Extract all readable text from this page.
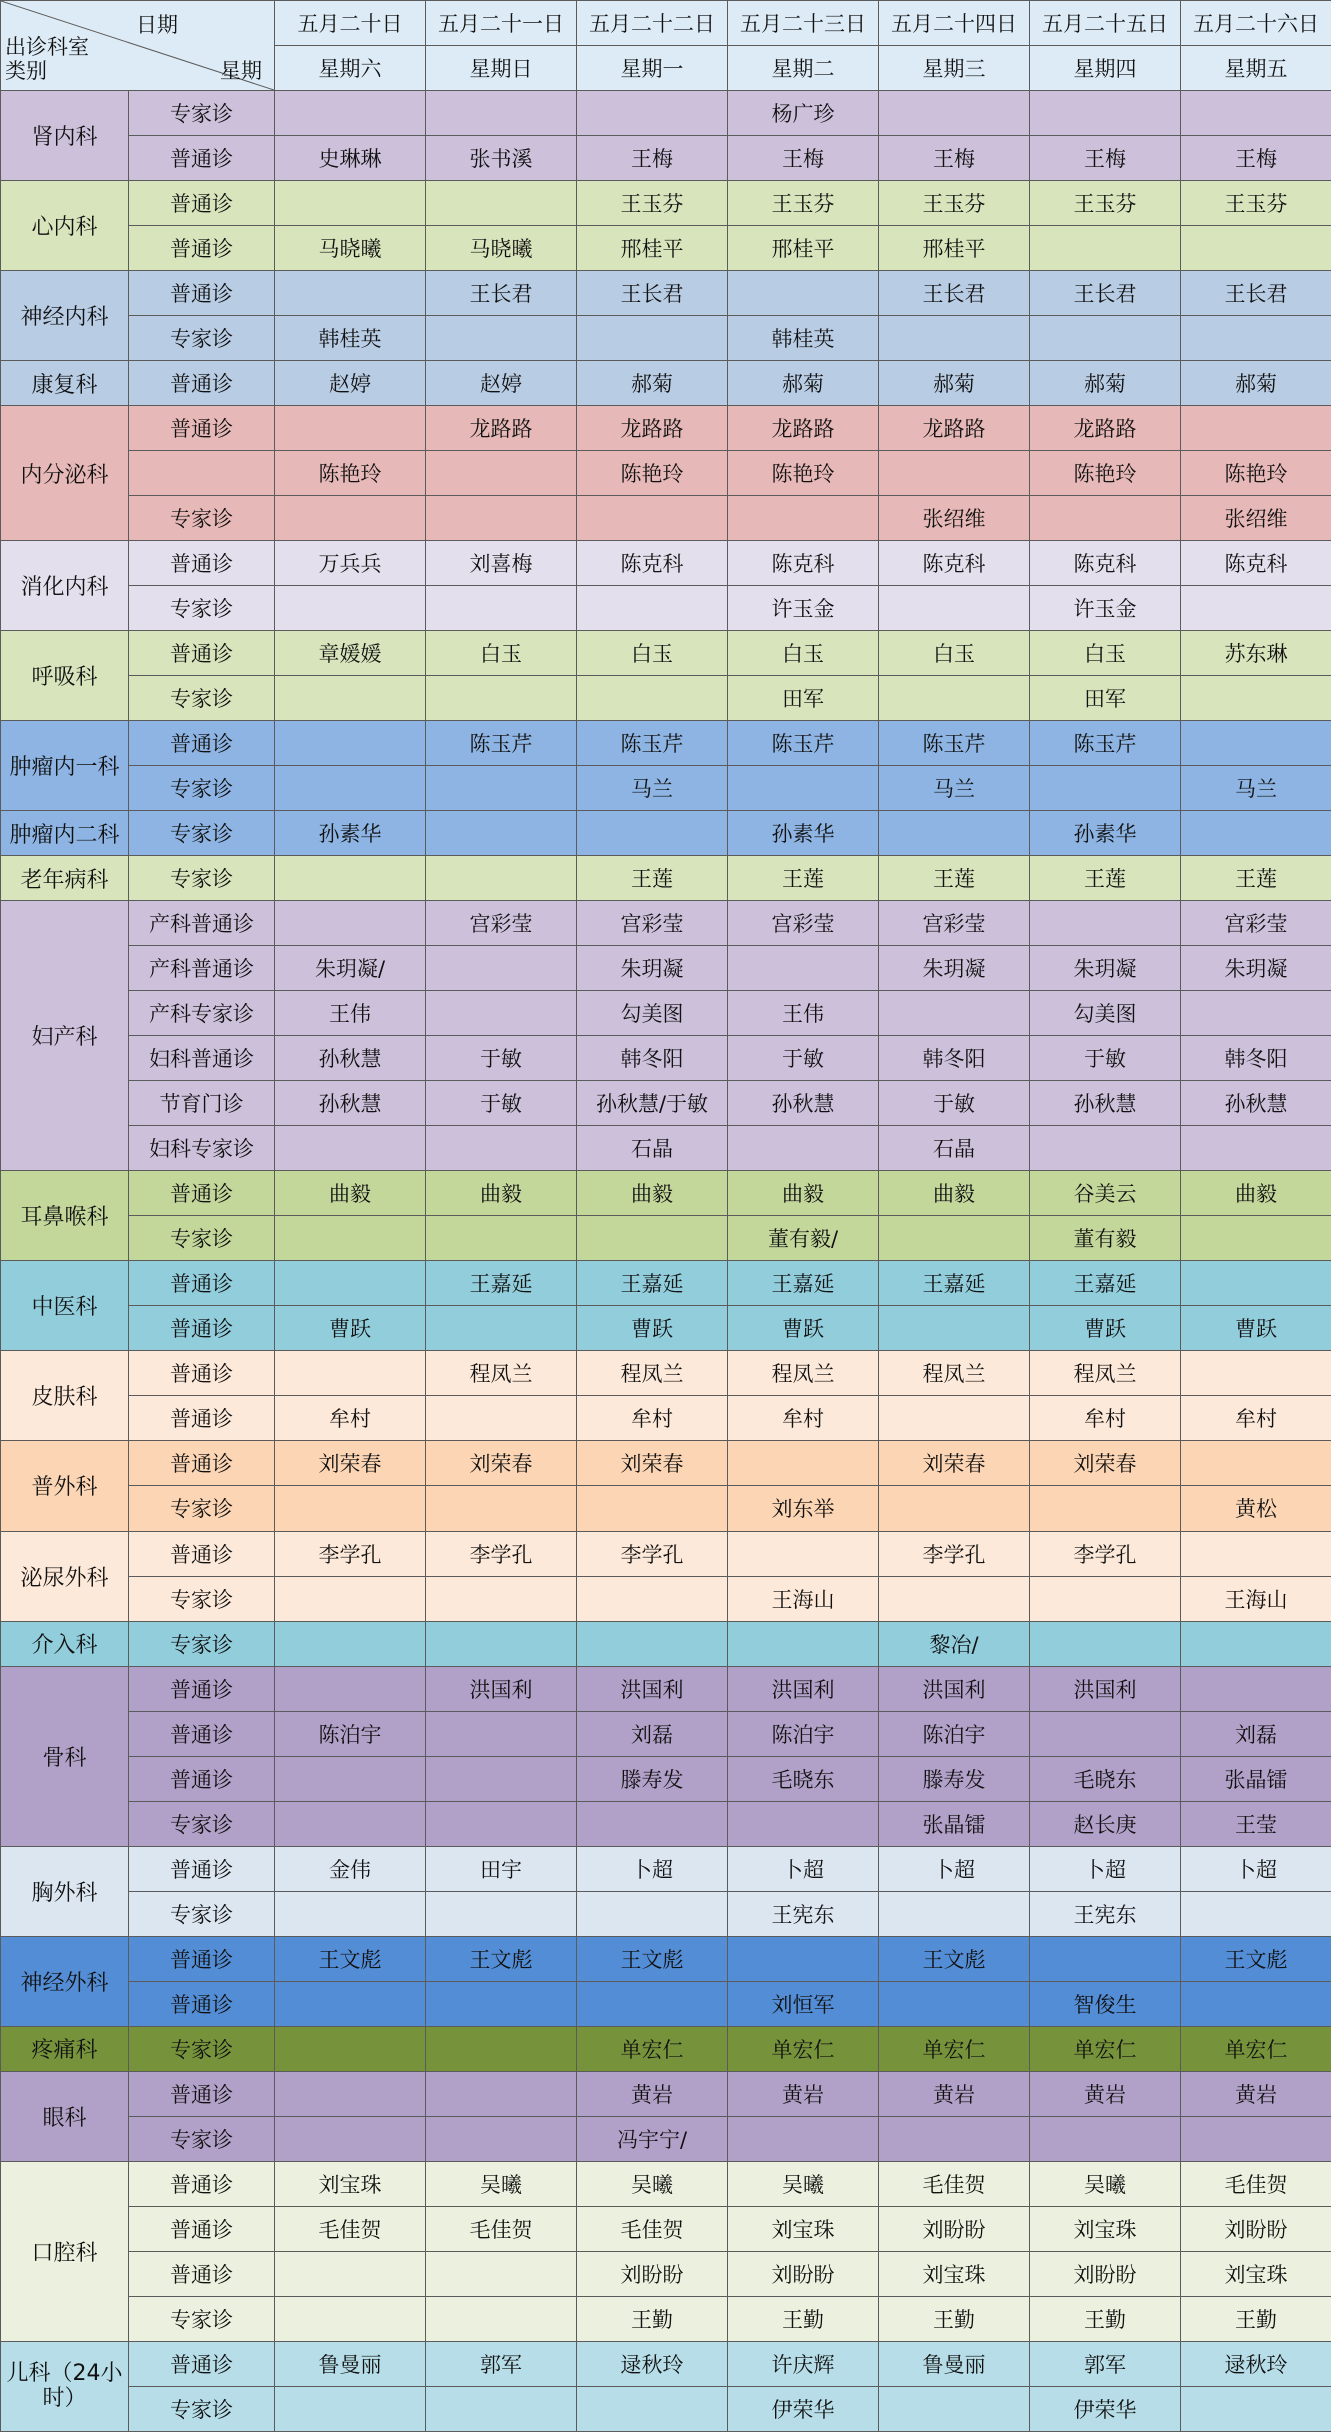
出诊科室
日期
类别 星期		五月二十日	五月二十一日	五月二十二日	五月二十三日	五月二十四日	五月二十五日	五月二十六日
		星期六	星期日	星期一	星期二	星期三	星期四	星期五
肾内科	专家诊				杨广珍			
	普通诊	史琳琳	张书溪	王梅	王梅	王梅	王梅	王梅
心内科	普通诊			王玉芬	王玉芬	王玉芬	王玉芬	王玉芬
	普通诊	马晓曦	马晓曦	邢桂平	邢桂平	邢桂平		
神经内科	普通诊		王长君	王长君		王长君	王长君	王长君
	专家诊	韩桂英			韩桂英			
康复科	普通诊	赵婷	赵婷	郝菊	郝菊	郝菊	郝菊	郝菊
内分泌科	普通诊		龙路路	龙路路	龙路路	龙路路	龙路路	
		陈艳玲		陈艳玲	陈艳玲		陈艳玲	陈艳玲
	专家诊					张绍维		张绍维
消化内科	普通诊	万兵兵	刘喜梅	陈克科	陈克科	陈克科	陈克科	陈克科
	专家诊				许玉金		许玉金	
呼吸科	普通诊	章媛媛	白玉	白玉	白玉	白玉	白玉	苏东琳
	专家诊				田军		田军	
肿瘤内一科	普通诊		陈玉芹	陈玉芹	陈玉芹	陈玉芹	陈玉芹	
	专家诊			马兰		马兰		马兰
肿瘤内二科	专家诊	孙素华			孙素华		孙素华	
老年病科	专家诊			王莲	王莲	王莲	王莲	王莲
妇产科	产科普通诊		宫彩莹	宫彩莹	宫彩莹	宫彩莹		宫彩莹
	产科普通诊	朱玥凝/		朱玥凝		朱玥凝	朱玥凝	朱玥凝
	产科专家诊	王伟		勾美图	王伟		勾美图	
	妇科普通诊	孙秋慧	于敏	韩冬阳	于敏	韩冬阳	于敏	韩冬阳
	节育门诊	孙秋慧	于敏	孙秋慧/于敏	孙秋慧	于敏	孙秋慧	孙秋慧
	妇科专家诊			石晶		石晶		
耳鼻喉科	普通诊	曲毅	曲毅	曲毅	曲毅	曲毅	谷美云	曲毅
	专家诊				董有毅/		董有毅	
中医科	普通诊		王嘉延	王嘉延	王嘉延	王嘉延	王嘉延	
	普通诊	曹跃		曹跃	曹跃		曹跃	曹跃
皮肤科	普通诊		程凤兰	程凤兰	程凤兰	程凤兰	程凤兰	
	普通诊	牟村		牟村	牟村		牟村	牟村
普外科	普通诊	刘荣春	刘荣春	刘荣春		刘荣春	刘荣春	
	专家诊				刘东举			黄松
泌尿外科	普通诊	李学孔	李学孔	李学孔		李学孔	李学孔	
	专家诊				王海山			王海山
介入科	专家诊					黎冶/		
骨科	普通诊		洪国利	洪国利	洪国利	洪国利	洪国利	
	普通诊	陈泊宇		刘磊	陈泊宇	陈泊宇		刘磊
	普通诊			滕寿发	毛晓东	滕寿发	毛晓东	张晶镭
	专家诊					张晶镭	赵长庚	王莹
胸外科	普通诊	金伟	田宇	卜超	卜超	卜超	卜超	卜超
	专家诊				王宪东		王宪东	
神经外科	普通诊	王文彪	王文彪	王文彪		王文彪		王文彪
	普通诊				刘恒军		智俊生	
疼痛科	专家诊			单宏仁	单宏仁	单宏仁	单宏仁	单宏仁
眼科	普通诊			黄岩	黄岩	黄岩	黄岩	黄岩
	专家诊			冯宇宁/				
口腔科	普通诊	刘宝珠	吴曦	吴曦	吴曦	毛佳贺	吴曦	毛佳贺
	普通诊	毛佳贺	毛佳贺	毛佳贺	刘宝珠	刘盼盼	刘宝珠	刘盼盼
	普通诊			刘盼盼	刘盼盼	刘宝珠	刘盼盼	刘宝珠
	专家诊			王勤	王勤	王勤	王勤	王勤
儿科（24小时）	普通诊	鲁曼丽	郭军	逯秋玲	许庆辉	鲁曼丽	郭军	逯秋玲
	专家诊				伊荣华		伊荣华	
